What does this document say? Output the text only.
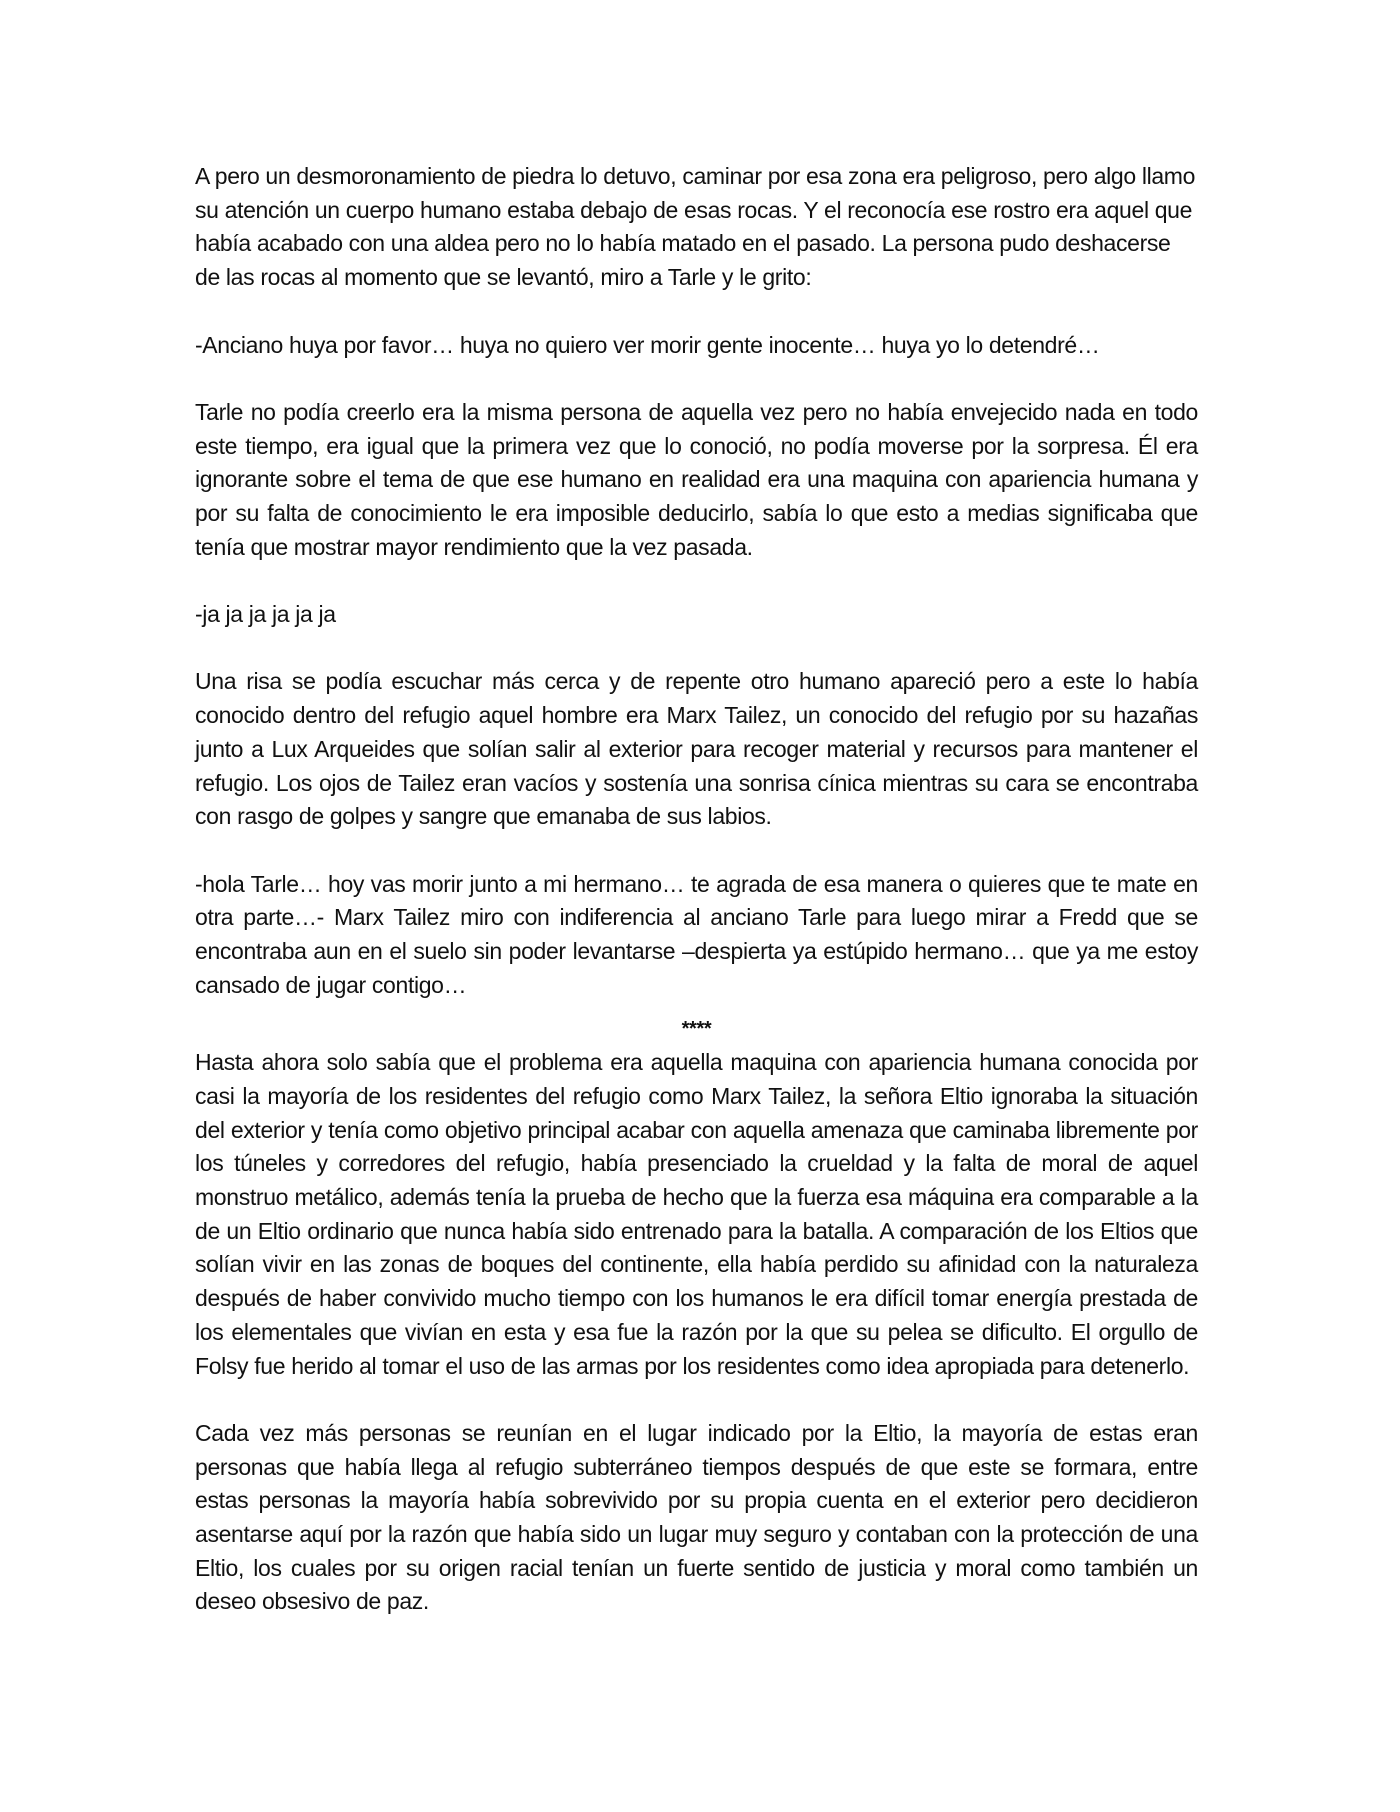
A pero un desmoronamiento de piedra lo detuvo, caminar por esa zona era peligroso, pero algo llamo su atención un cuerpo humano estaba debajo de esas rocas. Y el reconocía ese rostro era aquel que había acabado con una aldea pero no lo había matado en el pasado. La persona pudo deshacerse de las rocas al momento que se levantó, miro a Tarle y le grito:

-Anciano huya por favor… huya no quiero ver morir gente inocente… huya yo lo detendré…

Tarle no podía creerlo era la misma persona de aquella vez pero no había envejecido nada en todo este tiempo, era igual que la primera vez que lo conoció, no podía moverse por la sorpresa. Él era ignorante sobre el tema de que ese humano en realidad era una maquina con apariencia humana y por su falta de conocimiento le era imposible deducirlo, sabía lo que esto a medias significaba que tenía que mostrar mayor rendimiento que la vez pasada.

-ja ja ja ja ja ja

Una risa se podía escuchar más cerca y de repente otro humano apareció pero a este lo había conocido dentro del refugio aquel hombre era Marx Tailez, un conocido del refugio por su hazañas junto a Lux Arqueides que solían salir al exterior para recoger material y recursos para mantener el refugio. Los ojos de Tailez eran vacíos y sostenía una sonrisa cínica mientras su cara se encontraba con rasgo de golpes y sangre que emanaba de sus labios.

-hola Tarle… hoy vas morir junto a mi hermano… te agrada de esa manera o quieres que te mate en otra parte…- Marx Tailez miro con indiferencia al anciano Tarle para luego mirar a Fredd que se encontraba aun en el suelo sin poder levantarse –despierta ya estúpido hermano… que ya me estoy cansado de jugar contigo…

****

Hasta ahora solo sabía que el problema era aquella maquina con apariencia humana conocida por casi la mayoría de los residentes del refugio como Marx Tailez, la señora Eltio ignoraba la situación del exterior y tenía como objetivo principal acabar con aquella amenaza que caminaba libremente por los túneles y corredores del refugio, había presenciado la crueldad y la falta de moral de aquel monstruo metálico, además tenía la prueba de hecho que la fuerza esa máquina era comparable a la de un Eltio ordinario que nunca había sido entrenado para la batalla. A comparación de los Eltios que solían vivir en las zonas de boques del continente, ella había perdido su afinidad con la naturaleza después de haber convivido mucho tiempo con los humanos le era difícil tomar energía prestada de los elementales que vivían en esta y esa fue la razón por la que su pelea se dificulto. El orgullo de Folsy fue herido al tomar el uso de las armas por los residentes como idea apropiada para detenerlo.

Cada vez más personas se reunían en el lugar indicado por la Eltio, la mayoría de estas eran personas que había llega al refugio subterráneo tiempos después de que este se formara, entre estas personas la mayoría había sobrevivido por su propia cuenta en el exterior pero decidieron asentarse aquí por la razón que había sido un lugar muy seguro y contaban con la protección de una Eltio, los cuales por su origen racial tenían un fuerte sentido de justicia y moral como también un deseo obsesivo de paz.
